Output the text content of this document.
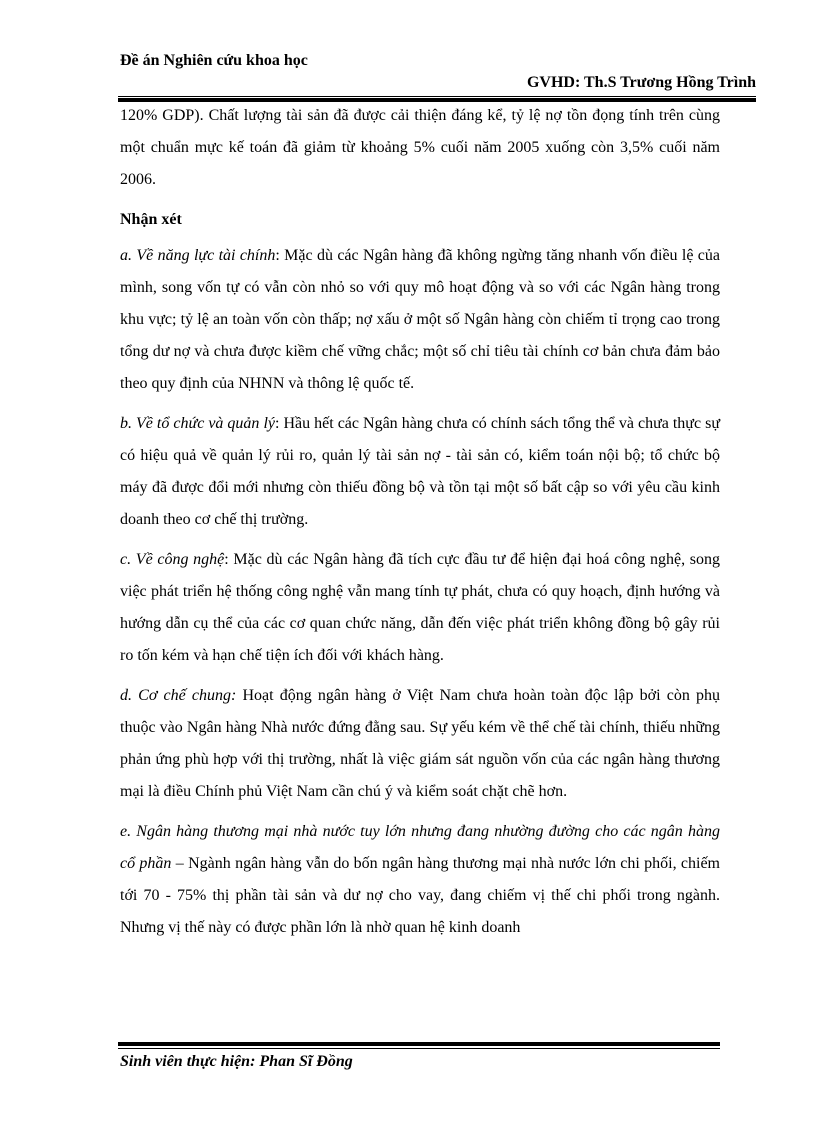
Đề án Nghiên cứu khoa học
GVHD: Th.S Trương Hồng Trình

120% GDP). Chất lượng tài sản đã được cải thiện đáng kể, tỷ lệ nợ tồn đọng tính trên cùng một chuẩn mực kế toán đã giảm từ khoảng 5% cuối năm 2005 xuống còn 3,5% cuối năm 2006.

Nhận xét

a. Về năng lực tài chính: Mặc dù các Ngân hàng đã không ngừng tăng nhanh vốn điều lệ của mình, song vốn tự có vẫn còn nhỏ so với quy mô hoạt động và so với các Ngân hàng trong khu vực; tỷ lệ an toàn vốn còn thấp; nợ xấu ở một số Ngân hàng còn chiếm tỉ trọng cao trong tổng dư nợ và chưa được kiềm chế vững chắc; một số chỉ tiêu tài chính cơ bản chưa đảm bảo theo quy định của NHNN và thông lệ quốc tế.

b. Về tổ chức và quản lý: Hầu hết các Ngân hàng chưa có chính sách tổng thể và chưa thực sự có hiệu quả về quản lý rủi ro, quản lý tài sản nợ - tài sản có, kiểm toán nội bộ; tổ chức bộ máy đã được đổi mới nhưng còn thiếu đồng bộ và tồn tại một số bất cập so với yêu cầu kinh doanh theo cơ chế thị trường.

c. Về công nghệ: Mặc dù các Ngân hàng đã tích cực đầu tư để hiện đại hoá công nghệ, song việc phát triển hệ thống công nghệ vẫn mang tính tự phát, chưa có quy hoạch, định hướng và hướng dẫn cụ thể của các cơ quan chức năng, dẫn đến việc phát triển không đồng bộ gây rủi ro tốn kém và hạn chế tiện ích đối với khách hàng.

d. Cơ chế chung: Hoạt động ngân hàng ở Việt Nam chưa hoàn toàn độc lập bởi còn phụ thuộc vào Ngân hàng Nhà nước đứng đằng sau. Sự yếu kém về thể chế tài chính, thiếu những phản ứng phù hợp với thị trường, nhất là việc giám sát nguồn vốn của các ngân hàng thương mại là điều Chính phủ Việt Nam cần chú ý và kiểm soát chặt chẽ hơn.

e. Ngân hàng thương mại nhà nước tuy lớn nhưng đang nhường đường cho các ngân hàng cổ phần – Ngành ngân hàng vẫn do bốn ngân hàng thương mại nhà nước lớn chi phối, chiếm tới 70 - 75% thị phần tài sản và dư nợ cho vay, đang chiếm vị thế chi phối trong ngành. Nhưng vị thế này có được phần lớn là nhờ quan hệ kinh doanh

Sinh viên thực hiện: Phan Sĩ Đồng
